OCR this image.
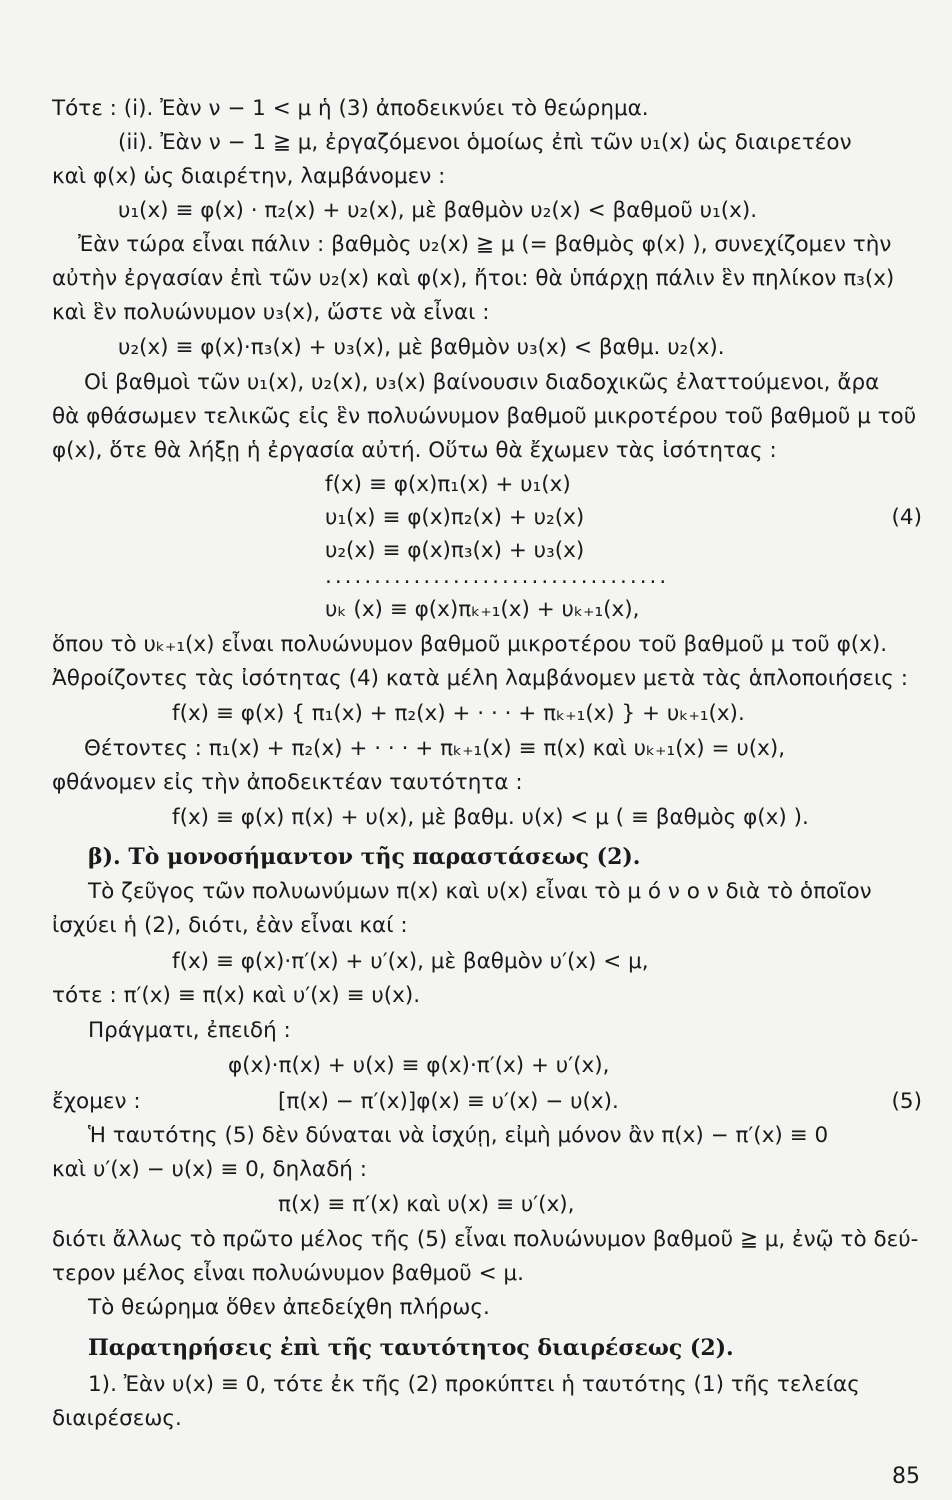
Τότε : (i). Ἐὰν ν − 1 < μ ἡ (3) ἀποδεικνύει τὸ θεώρημα.
(ii). Ἐὰν ν − 1 ≧ μ, ἐργαζόμενοι ὁμοίως ἐπὶ τῶν υ₁(x) ὡς διαιρετέον
καὶ φ(x) ὡς διαιρέτην, λαμβάνομεν :
υ₁(x) ≡ φ(x) · π₂(x) + υ₂(x), μὲ βαθμὸν υ₂(x) < βαθμοῦ υ₁(x).
Ἐὰν τώρα εἶναι πάλιν : βαθμὸς υ₂(x) ≧ μ (= βαθμὸς φ(x) ), συνεχίζομεν τὴν
αὐτὴν ἐργασίαν ἐπὶ τῶν υ₂(x) καὶ φ(x), ἤτοι: θὰ ὑπάρχῃ πάλιν ἓν πηλίκον π₃(x)
καὶ ἓν πολυώνυμον υ₃(x), ὥστε νὰ εἶναι :
υ₂(x) ≡ φ(x)·π₃(x) + υ₃(x), μὲ βαθμὸν υ₃(x) < βαθμ. υ₂(x).
Οἱ βαθμοὶ τῶν υ₁(x), υ₂(x), υ₃(x) βαίνουσιν διαδοχικῶς ἐλαττούμενοι, ἄρα
θὰ φθάσωμεν τελικῶς εἰς ἓν πολυώνυμον βαθμοῦ μικροτέρου τοῦ βαθμοῦ μ τοῦ
φ(x), ὅτε θὰ λήξῃ ἡ ἐργασία αὐτή. Οὕτω θὰ ἔχωμεν τὰς ἰσότητας :
f(x) ≡ φ(x)π₁(x) + υ₁(x)
υ₁(x) ≡ φ(x)π₂(x) + υ₂(x)	(4)
υ₂(x) ≡ φ(x)π₃(x) + υ₃(x)
...................................
υₖ (x) ≡ φ(x)πₖ₊₁(x) + υₖ₊₁(x),
ὅπου τὸ υₖ₊₁(x) εἶναι πολυώνυμον βαθμοῦ μικροτέρου τοῦ βαθμοῦ μ τοῦ φ(x).
Ἀθροίζοντες τὰς ἰσότητας (4) κατὰ μέλη λαμβάνομεν μετὰ τὰς ἁπλοποιήσεις :
f(x) ≡ φ(x) { π₁(x) + π₂(x) + · · · + πₖ₊₁(x) } + υₖ₊₁(x).
Θέτοντες : π₁(x) + π₂(x) + · · · + πₖ₊₁(x) ≡ π(x) καὶ υₖ₊₁(x) = υ(x),
φθάνομεν εἰς τὴν ἀποδεικτέαν ταυτότητα :
f(x) ≡ φ(x) π(x) + υ(x), μὲ βαθμ. υ(x) < μ ( ≡ βαθμὸς φ(x) ).
β). Τὸ μονοσήμαντον τῆς παραστάσεως (2).
Τὸ ζεῦγος τῶν πολυωνύμων π(x) καὶ υ(x) εἶναι τὸ μ ό ν ο ν διὰ τὸ ὁποῖον
ἰσχύει ἡ (2), διότι, ἐὰν εἶναι καί :
f(x) ≡ φ(x)·π′(x) + υ′(x), μὲ βαθμὸν υ′(x) < μ,
τότε : π′(x) ≡ π(x) καὶ υ′(x) ≡ υ(x).
Πράγματι, ἐπειδή :
φ(x)·π(x) + υ(x) ≡ φ(x)·π′(x) + υ′(x),
ἔχομεν :	[π(x) − π′(x)]φ(x) ≡ υ′(x) − υ(x).	(5)
Ἡ ταυτότης (5) δὲν δύναται νὰ ἰσχύῃ, εἰμὴ μόνον ἂν π(x) − π′(x) ≡ 0
καὶ υ′(x) − υ(x) ≡ 0, δηλαδή :
π(x) ≡ π′(x) καὶ υ(x) ≡ υ′(x),
διότι ἄλλως τὸ πρῶτο μέλος τῆς (5) εἶναι πολυώνυμον βαθμοῦ ≧ μ, ἐνῷ τὸ δεύ-
τερον μέλος εἶναι πολυώνυμον βαθμοῦ < μ.
Τὸ θεώρημα ὅθεν ἀπεδείχθη πλήρως.
Παρατηρήσεις ἐπὶ τῆς ταυτότητος διαιρέσεως (2).
1). Ἐὰν υ(x) ≡ 0, τότε ἐκ τῆς (2) προκύπτει ἡ ταυτότης (1) τῆς τελείας
διαιρέσεως.
85
